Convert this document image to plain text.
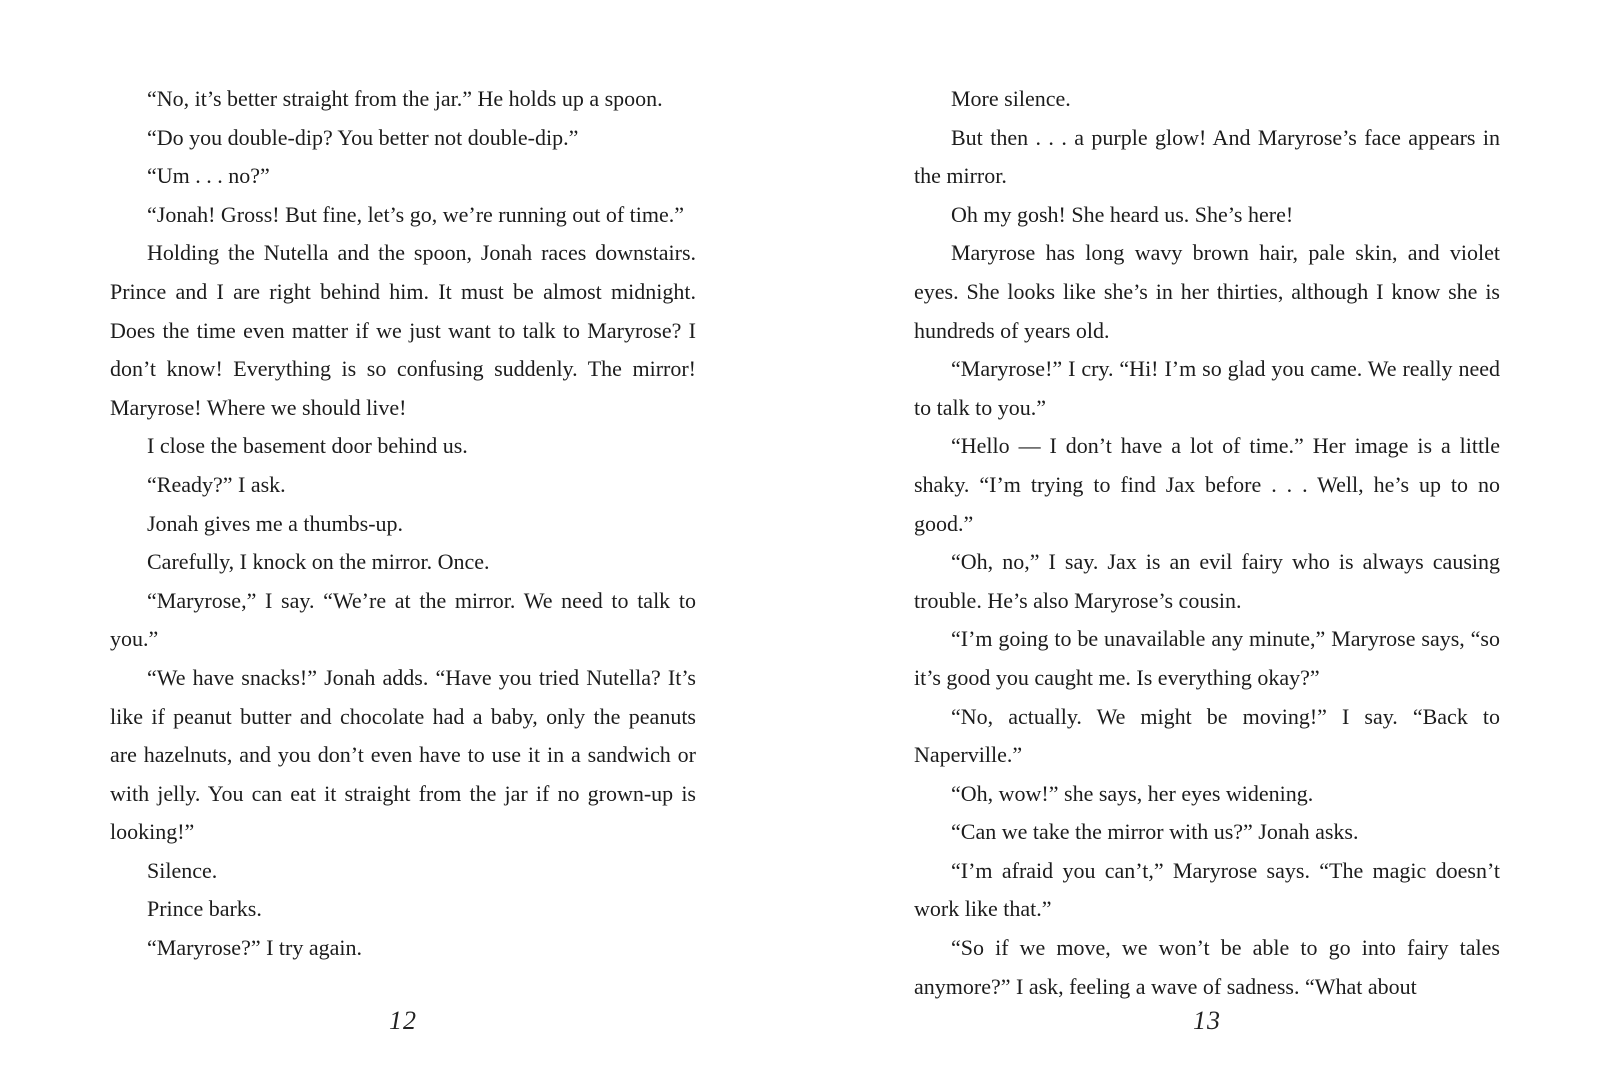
“No, it’s better straight from the jar.” He holds up a spoon.

“Do you double-dip? You better not double-dip.”

“Um . . . no?”

“Jonah! Gross! But fine, let’s go, we’re running out of time.”

Holding the Nutella and the spoon, Jonah races downstairs. Prince and I are right behind him. It must be almost midnight. Does the time even matter if we just want to talk to Maryrose? I don’t know! Everything is so confusing suddenly. The mirror! Maryrose! Where we should live!

I close the basement door behind us.

“Ready?” I ask.

Jonah gives me a thumbs-up.

Carefully, I knock on the mirror. Once.

“Maryrose,” I say. “We’re at the mirror. We need to talk to you.”

“We have snacks!” Jonah adds. “Have you tried Nutella? It’s like if peanut butter and chocolate had a baby, only the peanuts are hazelnuts, and you don’t even have to use it in a sandwich or with jelly. You can eat it straight from the jar if no grown-up is looking!”

Silence.

Prince barks.

“Maryrose?” I try again.

12

More silence.

But then . . . a purple glow! And Maryrose’s face appears in the mirror.

Oh my gosh! She heard us. She’s here!

Maryrose has long wavy brown hair, pale skin, and violet eyes. She looks like she’s in her thirties, although I know she is hundreds of years old.

“Maryrose!” I cry. “Hi! I’m so glad you came. We really need to talk to you.”

“Hello — I don’t have a lot of time.” Her image is a little shaky. “I’m trying to find Jax before . . . Well, he’s up to no good.”

“Oh, no,” I say. Jax is an evil fairy who is always causing trouble. He’s also Maryrose’s cousin.

“I’m going to be unavailable any minute,” Maryrose says, “so it’s good you caught me. Is everything okay?”

“No, actually. We might be moving!” I say. “Back to Naperville.”

“Oh, wow!” she says, her eyes widening.

“Can we take the mirror with us?” Jonah asks.

“I’m afraid you can’t,” Maryrose says. “The magic doesn’t work like that.”

“So if we move, we won’t be able to go into fairy tales anymore?” I ask, feeling a wave of sadness. “What about

13
